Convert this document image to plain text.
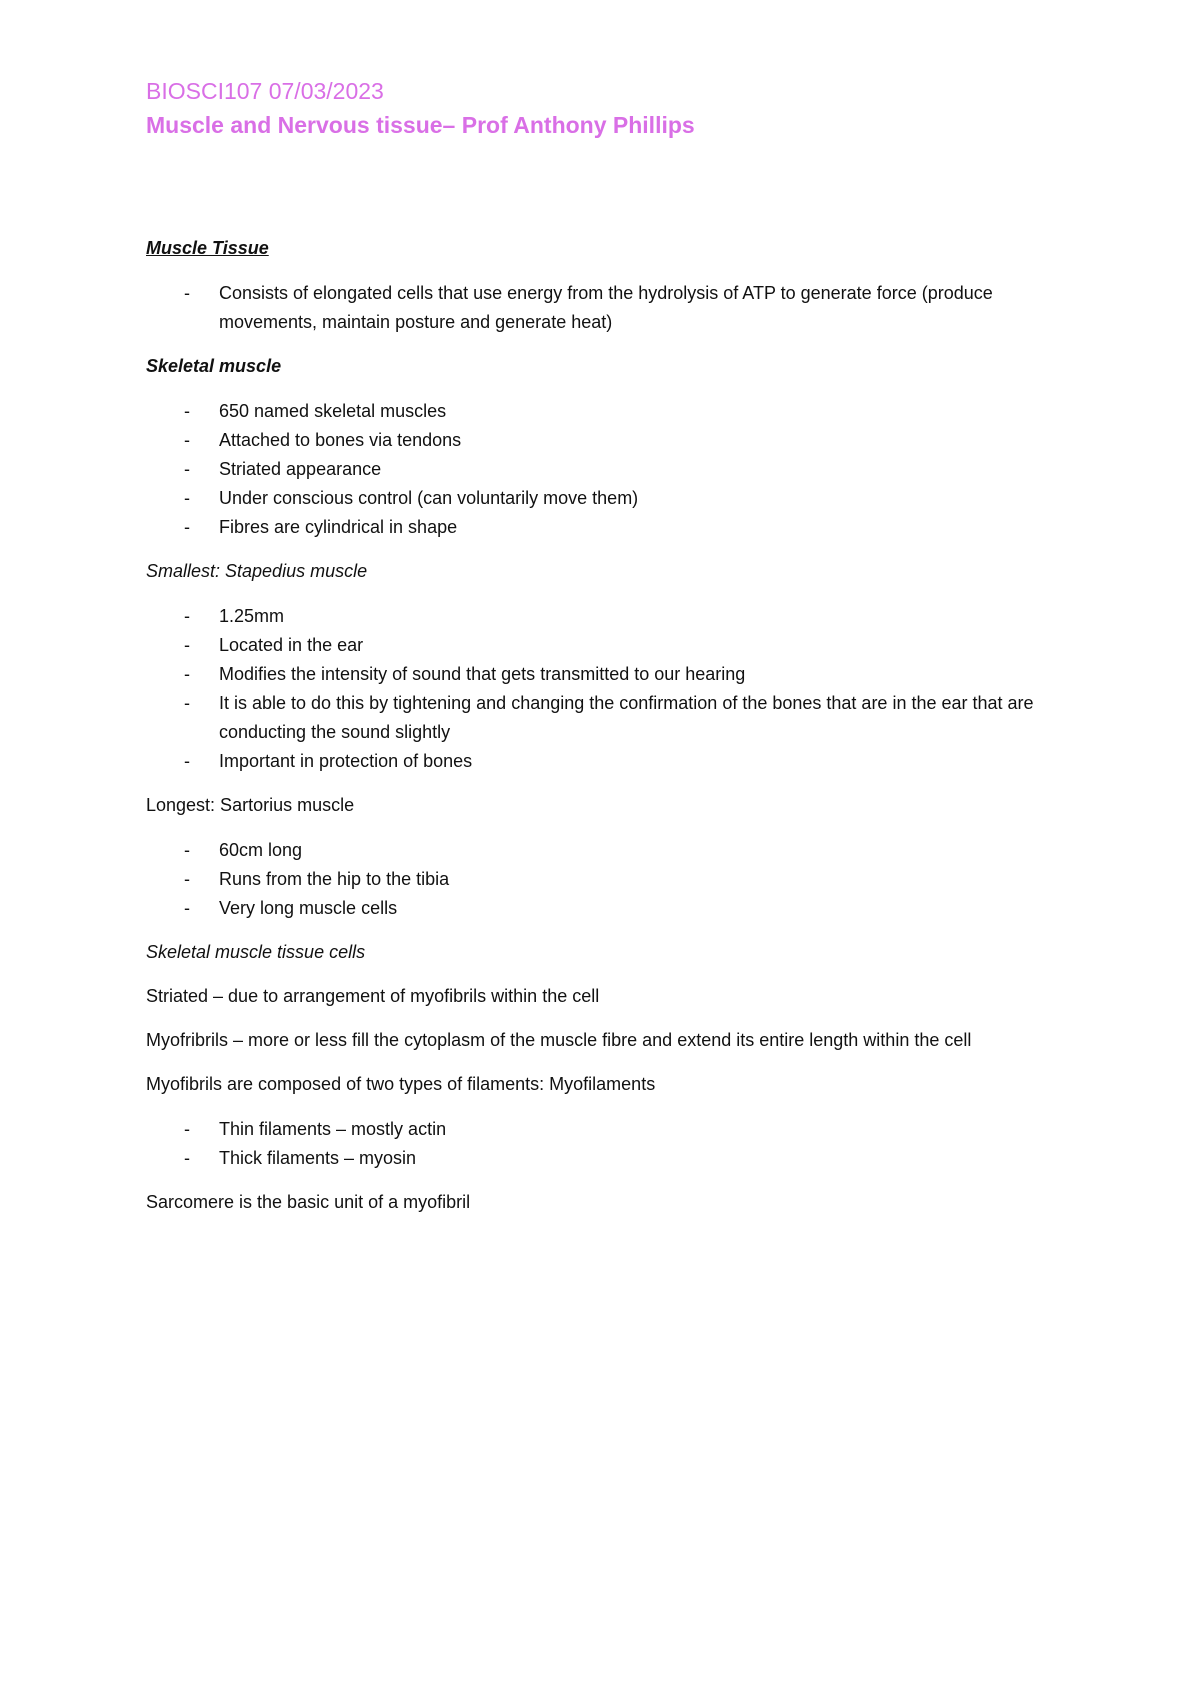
BIOSCI107 07/03/2023

Muscle and Nervous tissue– Prof Anthony Phillips

Muscle Tissue
- Consists of elongated cells that use energy from the hydrolysis of ATP to generate force (produce movements, maintain posture and generate heat)
Skeletal muscle
- 650 named skeletal muscles
- Attached to bones via tendons
- Striated appearance
- Under conscious control (can voluntarily move them)
- Fibres are cylindrical in shape
Smallest: Stapedius muscle
- 1.25mm
- Located in the ear
- Modifies the intensity of sound that gets transmitted to our hearing
- It is able to do this by tightening and changing the confirmation of the bones that are in the ear that are conducting the sound slightly
- Important in protection of bones
Longest: Sartorius muscle
- 60cm long
- Runs from the hip to the tibia
- Very long muscle cells
Skeletal muscle tissue cells
Striated – due to arrangement of myofibrils within the cell
Myofribrils – more or less fill the cytoplasm of the muscle fibre and extend its entire length within the cell
Myofibrils are composed of two types of filaments: Myofilaments
- Thin filaments – mostly actin
- Thick filaments – myosin
Sarcomere is the basic unit of a myofibril
